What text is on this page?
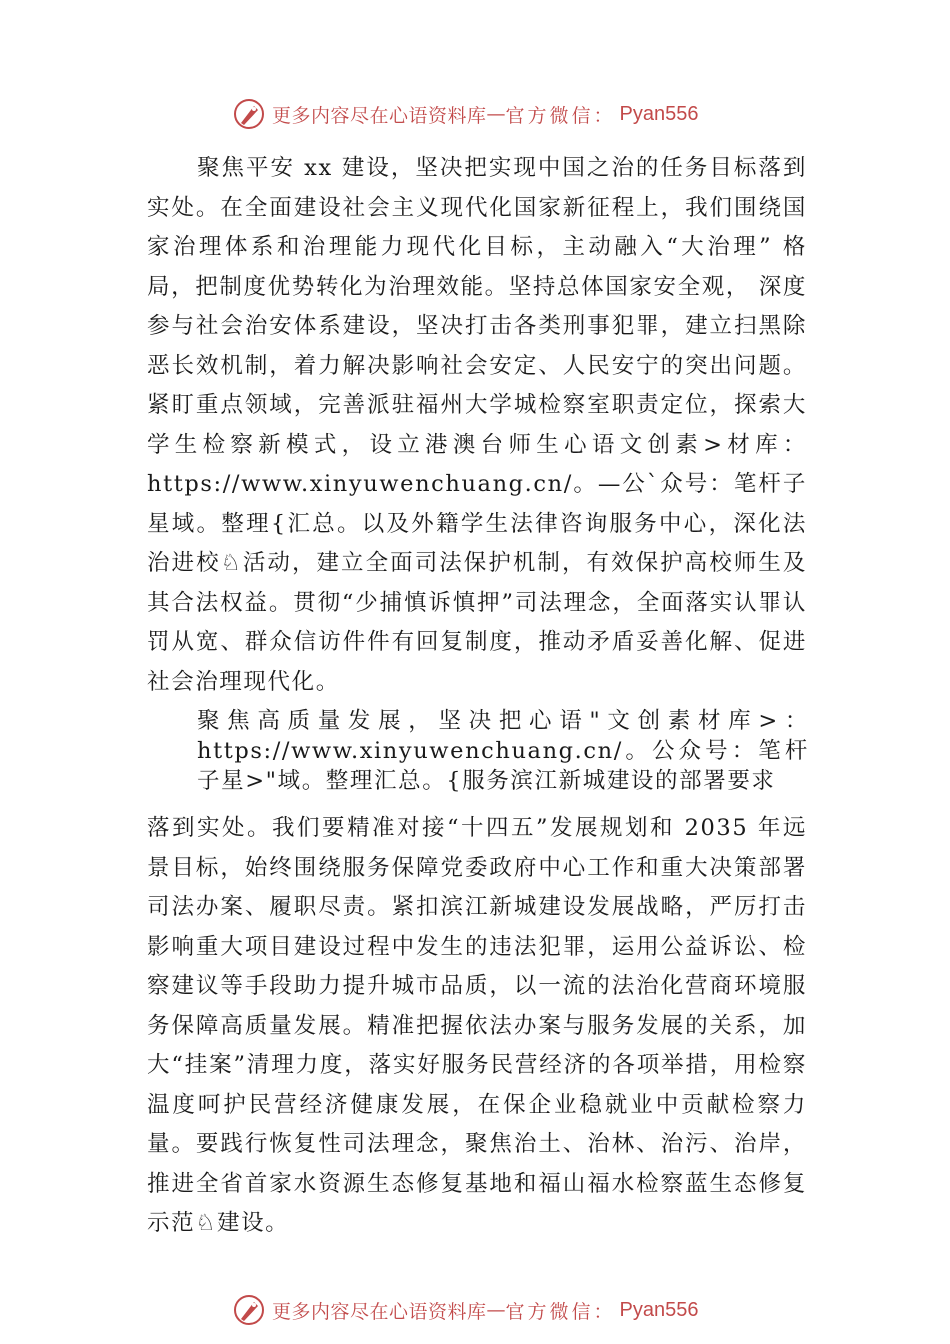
更多内容尽在心语资料库 — 官方微信： Pyan556

聚焦平安 xx 建设，坚决把实现中国之治的任务目标落到实处。在全面建设社会主义现代化国家新征程上，我们围绕国家治理体系和治理能力现代化目标，主动融入“大治理” 格局，把制度优势转化为治理效能。坚持总体国家安全观， 深度参与社会治安体系建设，坚决打击各类刑事犯罪，建立扫黑除恶长效机制，着力解决影响社会安定、人民安宁的突出问题。紧盯重点领域，完善派驻福州大学城检察室职责定位，探索大学生检察新模式，设立港澳台师生心语文创素>材库：https://www.xinyuwenchuang.cn/。—公`众号：笔杆子星域。整理{汇总。以及外籍学生法律咨询服务中心，深化法治进校♘活动，建立全面司法保护机制，有效保护高校师生及其合法权益。贯彻“少捕慎诉慎押”司法理念，全面落实认罪认罚从宽、群众信访件件有回复制度，推动矛盾妥善化解、促进社会治理现代化。

聚焦高质量发展，坚决把心语"文创素材库>：https://www.xinyuwenchuang.cn/。公众号：笔杆子星>"域。整理汇总。{服务滨江新城建设的部署要求

落到实处。我们要精准对接“十四五”发展规划和 2035 年远景目标，始终围绕服务保障党委政府中心工作和重大决策部署司法办案、履职尽责。紧扣滨江新城建设发展战略，严厉打击影响重大项目建设过程中发生的违法犯罪，运用公益诉讼、检察建议等手段助力提升城市品质，以一流的法治化营商环境服务保障高质量发展。精准把握依法办案与服务发展的关系，加大“挂案”清理力度，落实好服务民营经济的各项举措，用检察温度呵护民营经济健康发展，在保企业稳就业中贡献检察力量。要践行恢复性司法理念，聚焦治土、治林、治污、治岸，推进全省首家水资源生态修复基地和福山福水检察蓝生态修复示范♘建设。

更多内容尽在心语资料库 — 官方微信： Pyan556
